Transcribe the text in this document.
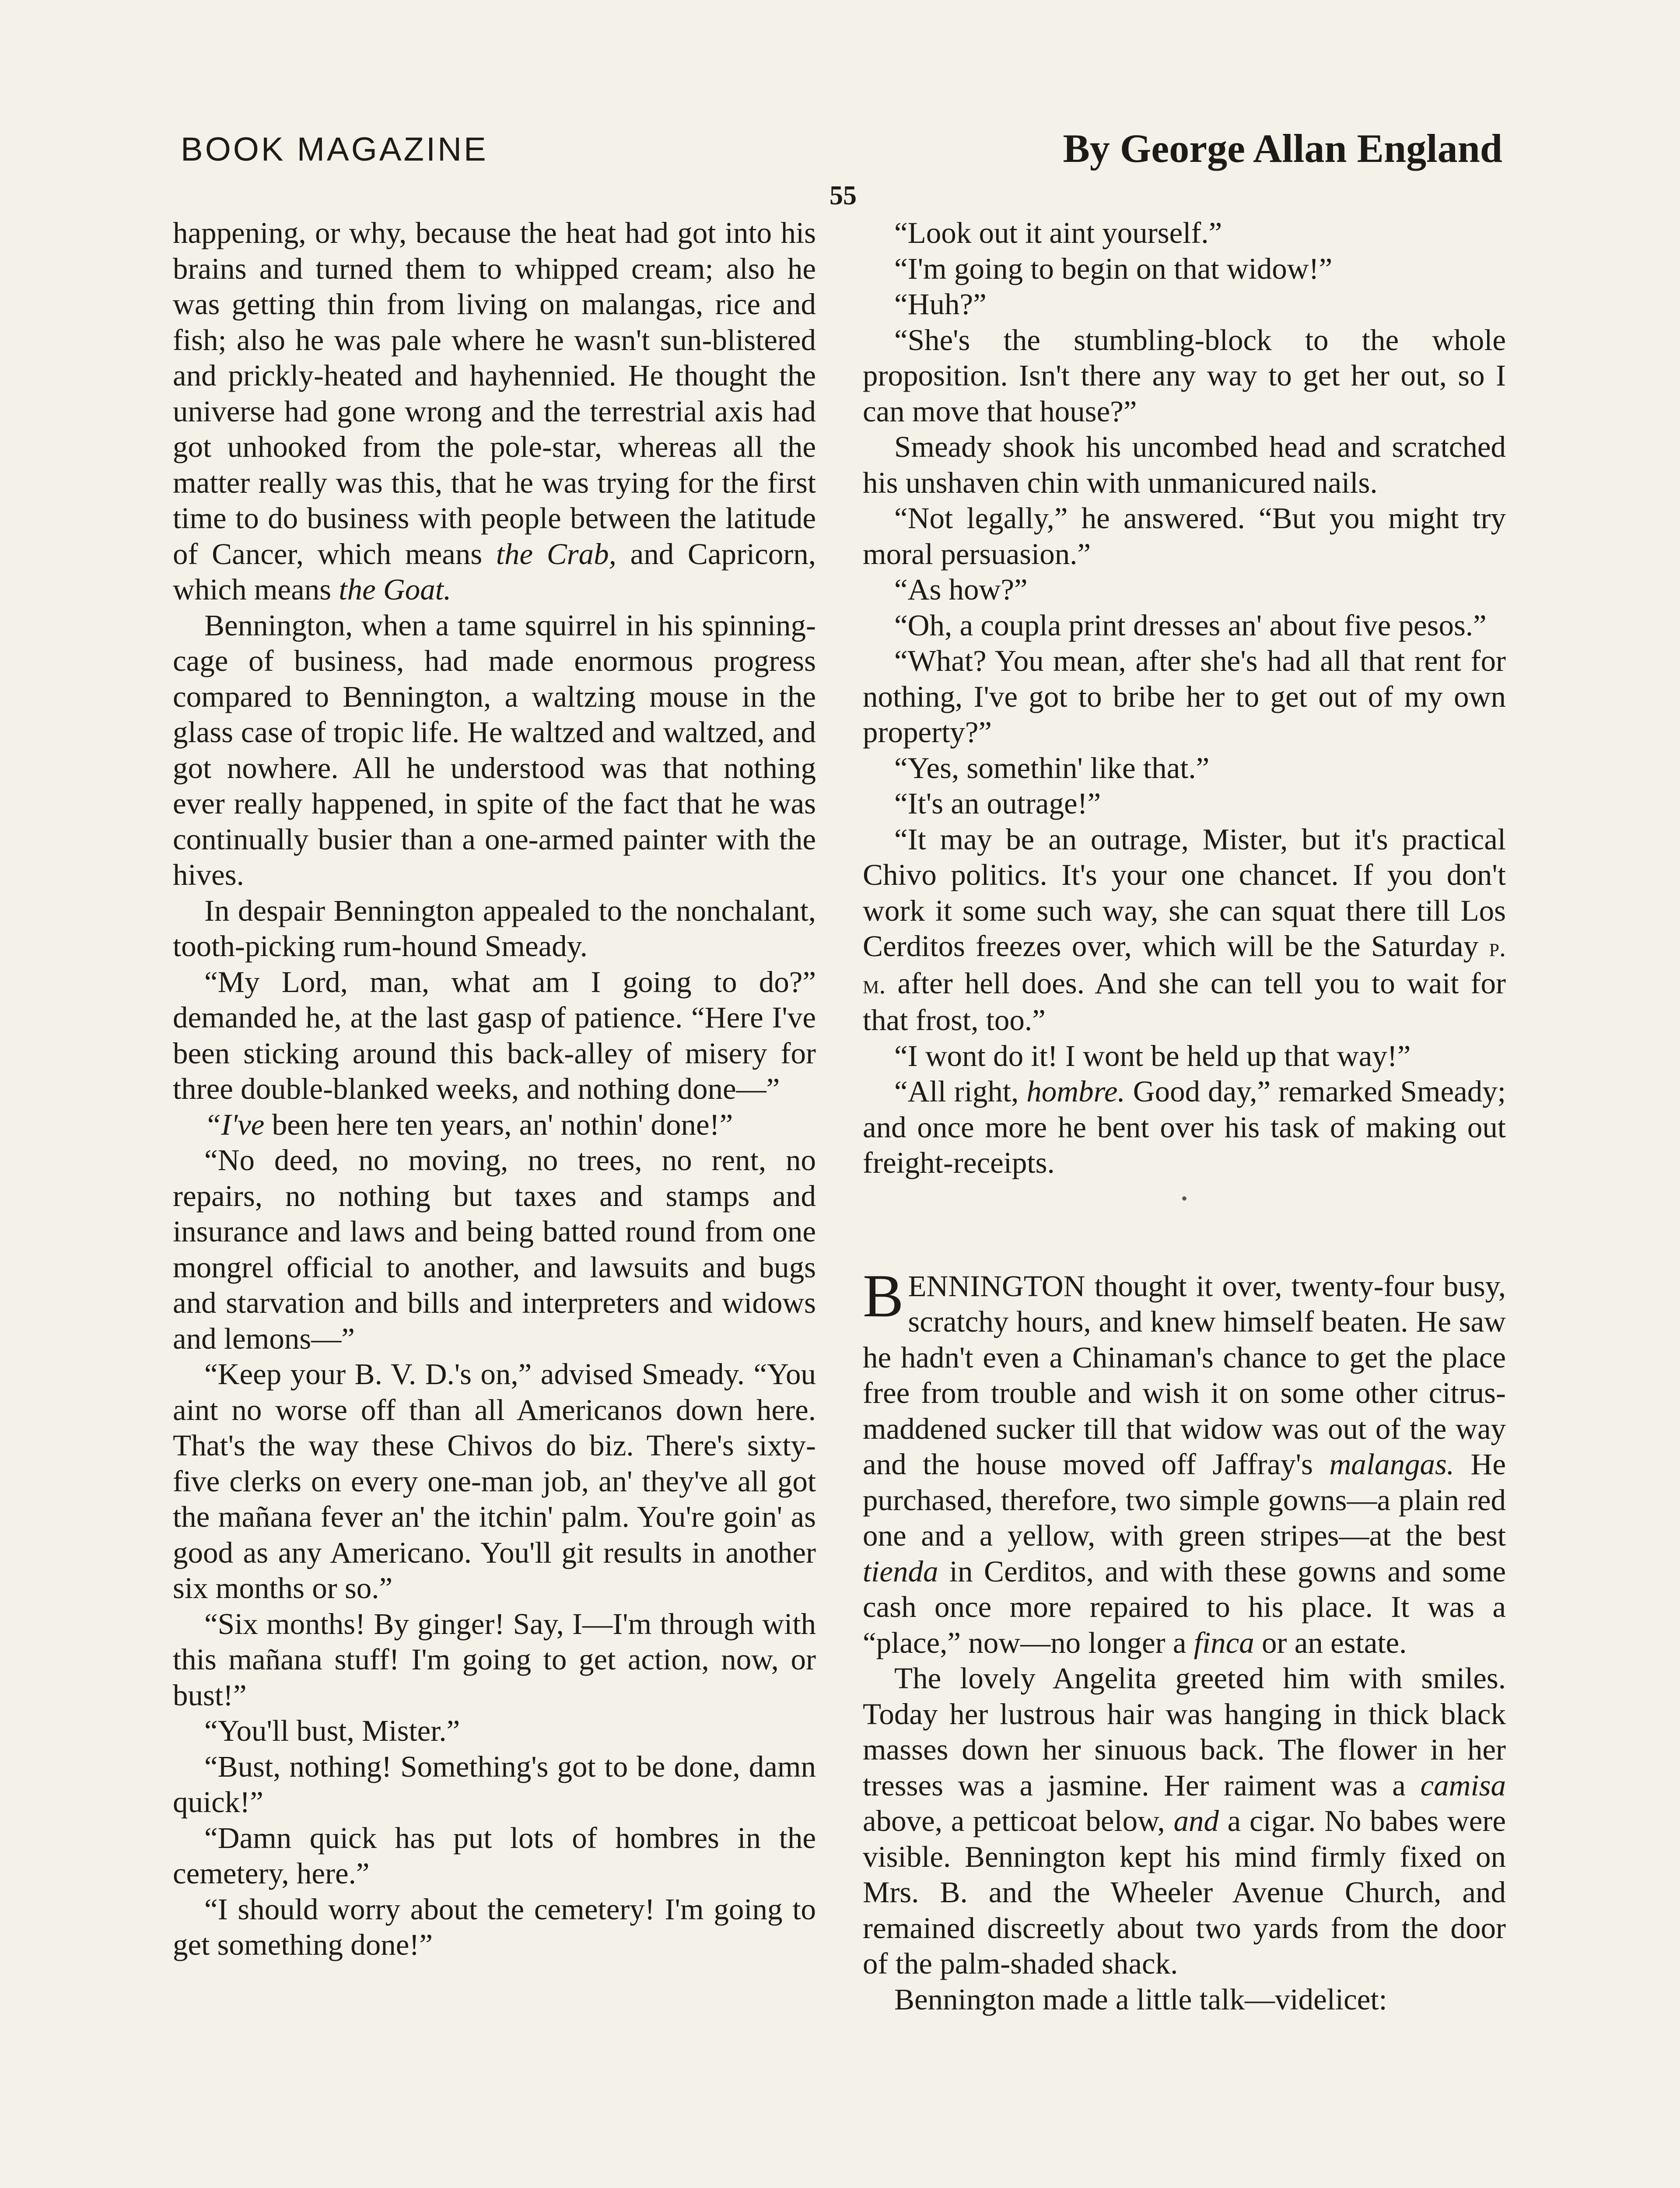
BOOK MAGAZINE	By George Allan England
55

happening, or why, because the heat had got into his brains and turned them to whipped cream; also he was getting thin from living on malangas, rice and fish; also he was pale where he wasn't sun-blistered and prickly-heated and hayhennied. He thought the universe had gone wrong and the terrestrial axis had got unhooked from the pole-star, whereas all the matter really was this, that he was trying for the first time to do business with people between the latitude of Cancer, which means the Crab, and Capricorn, which means the Goat.

Bennington, when a tame squirrel in his spinning-cage of business, had made enormous progress compared to Bennington, a waltzing mouse in the glass case of tropic life. He waltzed and waltzed, and got nowhere. All he understood was that nothing ever really happened, in spite of the fact that he was continually busier than a one-armed painter with the hives.

In despair Bennington appealed to the nonchalant, tooth-picking rum-hound Smeady.

“My Lord, man, what am I going to do?” demanded he, at the last gasp of patience. “Here I've been sticking around this back-alley of misery for three double-blanked weeks, and nothing done—”

“I've been here ten years, an' nothin' done!”

“No deed, no moving, no trees, no rent, no repairs, no nothing but taxes and stamps and insurance and laws and being batted round from one mongrel official to another, and lawsuits and bugs and starvation and bills and interpreters and widows and lemons—”

“Keep your B. V. D.'s on,” advised Smeady. “You aint no worse off than all Americanos down here. That's the way these Chivos do biz. There's sixty-five clerks on every one-man job, an' they've all got the mañana fever an' the itchin' palm. You're goin' as good as any Americano. You'll git results in another six months or so.”

“Six months! By ginger! Say, I—I'm through with this mañana stuff! I'm going to get action, now, or bust!”

“You'll bust, Mister.”

“Bust, nothing! Something's got to be done, damn quick!”

“Damn quick has put lots of hombres in the cemetery, here.”

“I should worry about the cemetery! I'm going to get something done!”

“Look out it aint yourself.”

“I'm going to begin on that widow!”

“Huh?”

“She's the stumbling-block to the whole proposition. Isn't there any way to get her out, so I can move that house?”

Smeady shook his uncombed head and scratched his unshaven chin with unmanicured nails.

“Not legally,” he answered. “But you might try moral persuasion.”

“As how?”

“Oh, a coupla print dresses an' about five pesos.”

“What? You mean, after she's had all that rent for nothing, I've got to bribe her to get out of my own property?”

“Yes, somethin' like that.”

“It's an outrage!”

“It may be an outrage, Mister, but it's practical Chivo politics. It's your one chancet. If you don't work it some such way, she can squat there till Los Cerditos freezes over, which will be the Saturday p. m. after hell does. And she can tell you to wait for that frost, too.”

“I wont do it! I wont be held up that way!”

“All right, hombre. Good day,” remarked Smeady; and once more he bent over his task of making out freight-receipts.

•

BENNINGTON thought it over, twenty-four busy, scratchy hours, and knew himself beaten. He saw he hadn't even a Chinaman's chance to get the place free from trouble and wish it on some other citrus-maddened sucker till that widow was out of the way and the house moved off Jaffray's malangas. He purchased, therefore, two simple gowns—a plain red one and a yellow, with green stripes—at the best tienda in Cerditos, and with these gowns and some cash once more repaired to his place. It was a “place,” now—no longer a finca or an estate.

The lovely Angelita greeted him with smiles. Today her lustrous hair was hanging in thick black masses down her sinuous back. The flower in her tresses was a jasmine. Her raiment was a camisa above, a petticoat below, and a cigar. No babes were visible. Bennington kept his mind firmly fixed on Mrs. B. and the Wheeler Avenue Church, and remained discreetly about two yards from the door of the palm-shaded shack.

Bennington made a little talk—videlicet:
